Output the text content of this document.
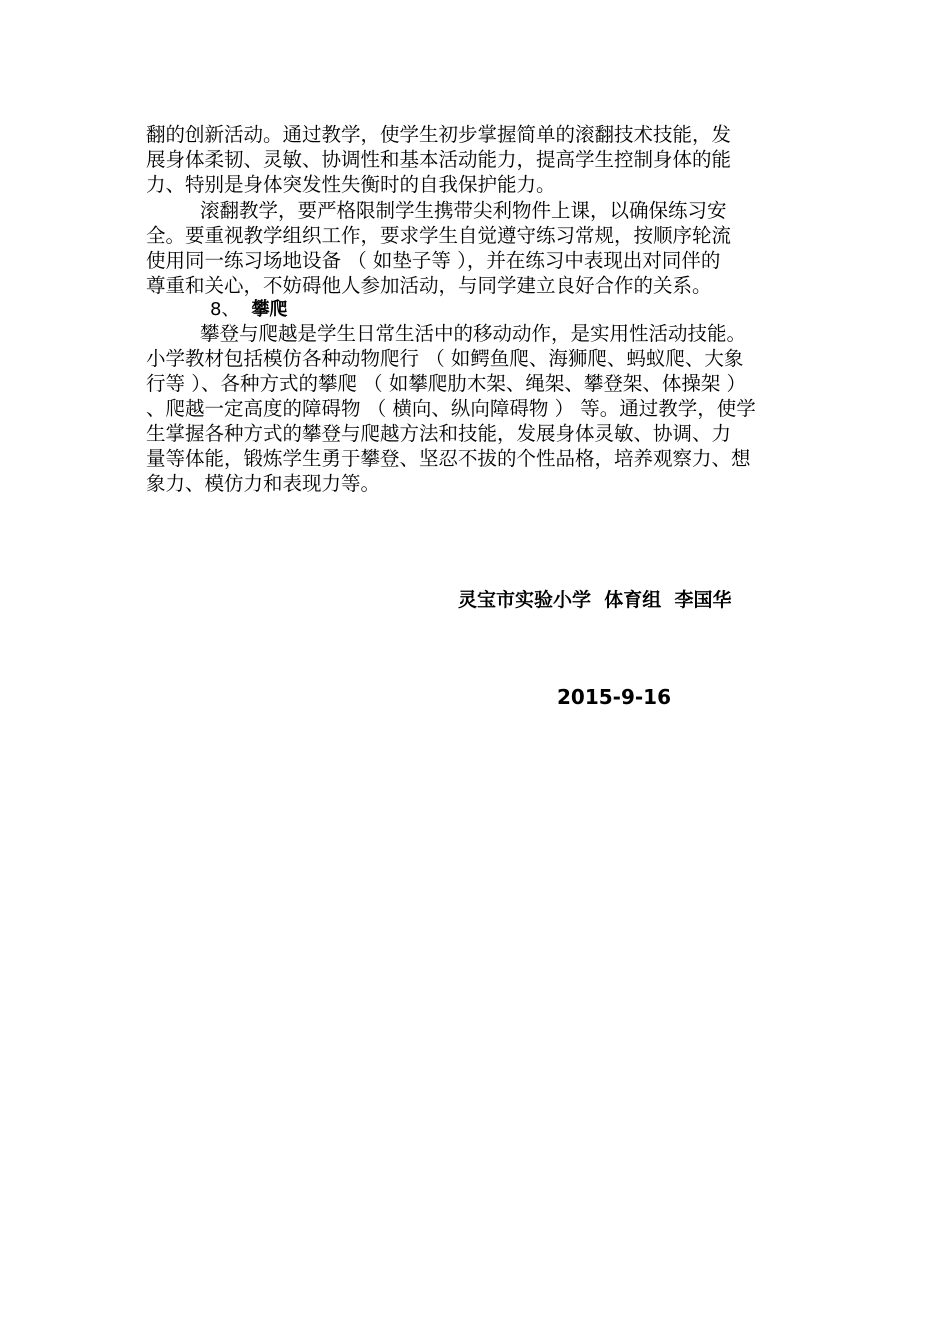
翻的创新活动。通过教学，使学生初步掌握简单的滚翻技术技能，发
展身体柔韧、灵敏、协调性和基本活动能力，提高学生控制身体的能
力、特别是身体突发性失衡时的自我保护能力。
滚翻教学，要严格限制学生携带尖利物件上课，以确保练习安
全。要重视教学组织工作，要求学生自觉遵守练习常规，按顺序轮流
使用同一练习场地设备 （ 如垫子等 ），并在练习中表现出对同伴的
尊重和关心，不妨碍他人参加活动，与同学建立良好合作的关系。
8、 攀爬
攀登与爬越是学生日常生活中的移动动作，是实用性活动技能。
小学教材包括模仿各种动物爬行 （ 如鳄鱼爬、海狮爬、蚂蚁爬、大象
行等 ）、各种方式的攀爬 （ 如攀爬肋木架、绳架、攀登架、体操架 ）
、爬越一定高度的障碍物 （ 横向、纵向障碍物 ） 等。通过教学，使学
生掌握各种方式的攀登与爬越方法和技能，发展身体灵敏、协调、力
量等体能，锻炼学生勇于攀登、坚忍不拔的个性品格，培养观察力、想
象力、模仿力和表现力等。
灵宝市实验小学  体育组  李国华
2015-9-16
